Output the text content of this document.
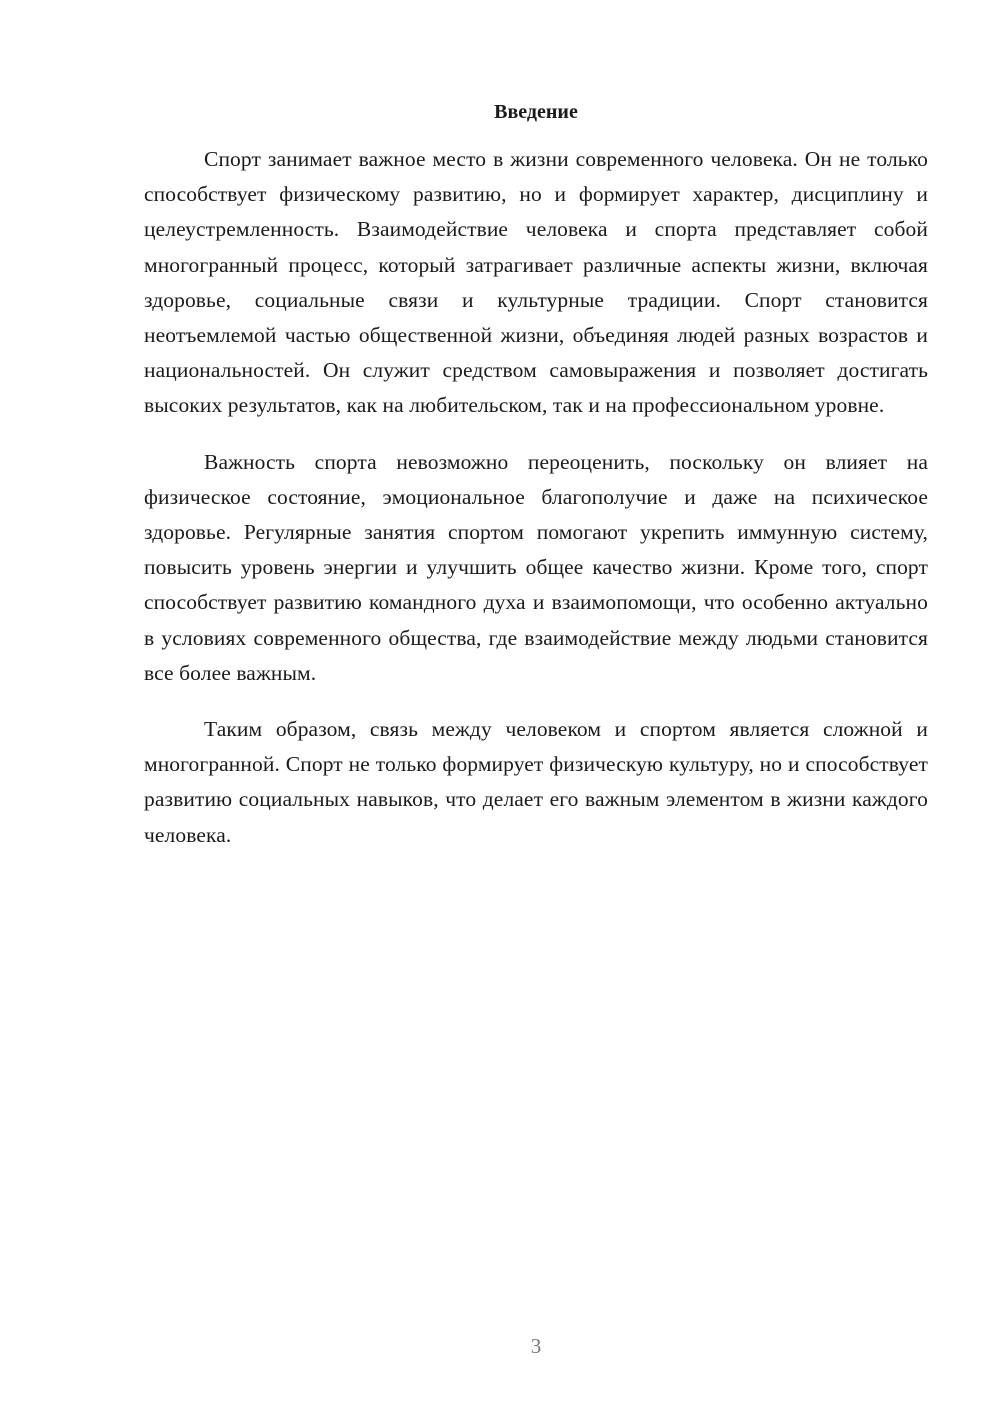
Введение

Спорт занимает важное место в жизни современного человека. Он не только способствует физическому развитию, но и формирует характер, дисциплину и целеустремленность. Взаимодействие человека и спорта представляет собой многогранный процесс, который затрагивает различные аспекты жизни, включая здоровье, социальные связи и культурные традиции. Спорт становится неотъемлемой частью общественной жизни, объединяя людей разных возрастов и национальностей. Он служит средством самовыражения и позволяет достигать высоких результатов, как на любительском, так и на профессиональном уровне.

Важность спорта невозможно переоценить, поскольку он влияет на физическое состояние, эмоциональное благополучие и даже на психическое здоровье. Регулярные занятия спортом помогают укрепить иммунную систему, повысить уровень энергии и улучшить общее качество жизни. Кроме того, спорт способствует развитию командного духа и взаимопомощи, что особенно актуально в условиях современного общества, где взаимодействие между людьми становится все более важным.

Таким образом, связь между человеком и спортом является сложной и многогранной. Спорт не только формирует физическую культуру, но и способствует развитию социальных навыков, что делает его важным элементом в жизни каждого человека.

3
